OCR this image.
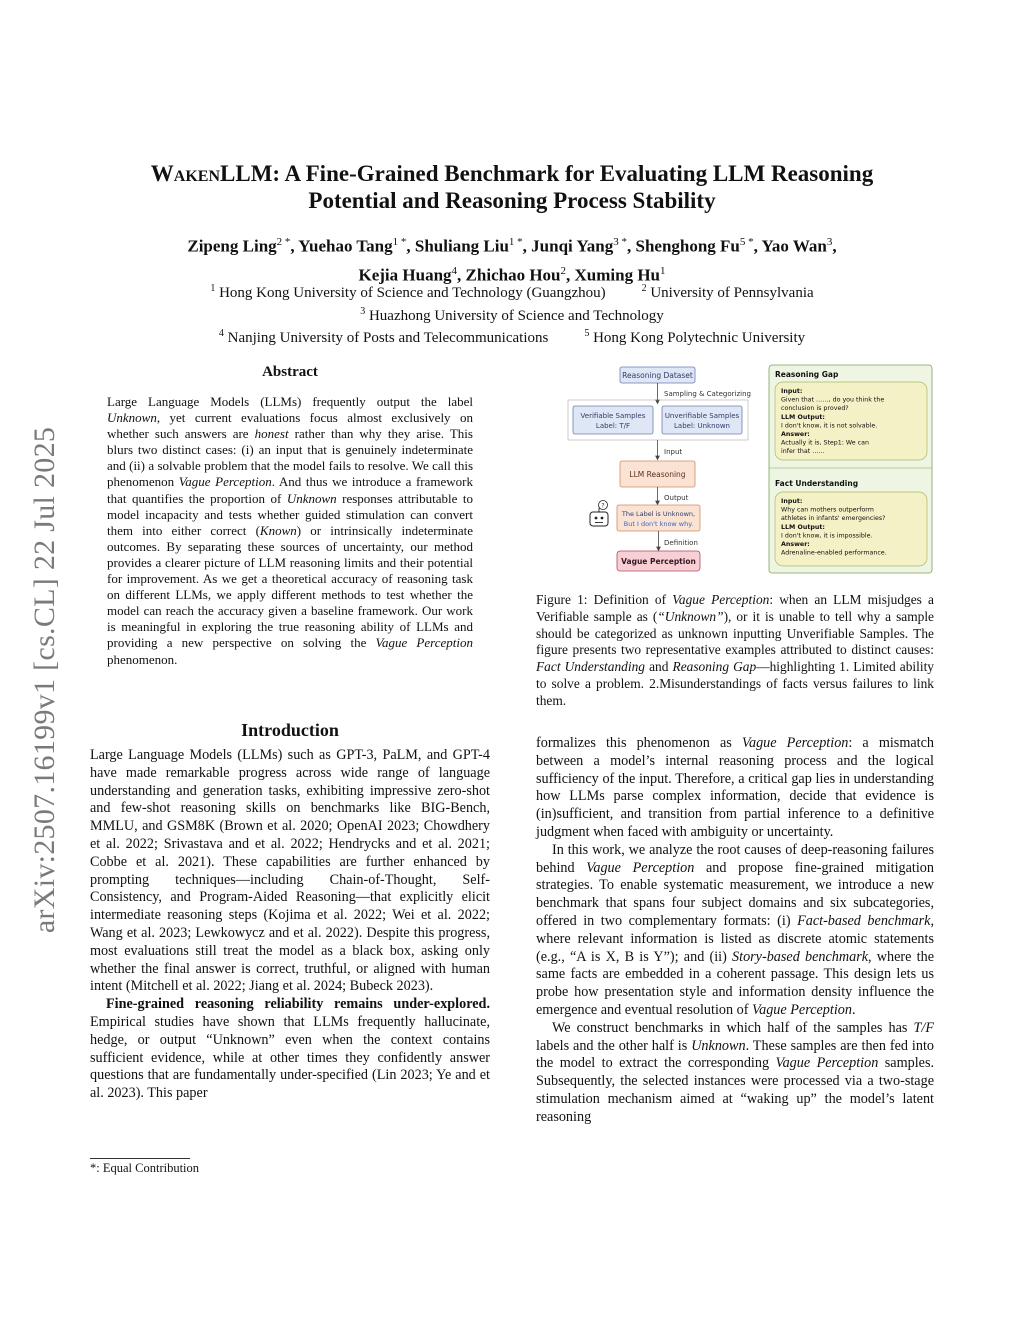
arXiv:2507.16199v1 [cs.CL] 22 Jul 2025
WakenLLM: A Fine-Grained Benchmark for Evaluating LLM Reasoning
Potential and Reasoning Process Stability
Zipeng Ling$^{2 *}$, Yuehao Tang$^{1 *}$, Shuliang Liu$^{1 *}$, Junqi Yang$^{3 *}$, Shenghong $Fu^{5 *}$, Yao Wan$^3$,
Kejia Huang$^4$, Zhichao Hou$^2$, Xuming Hu$^1$
$^1$ Hong Kong University of Science and Technology (Guangzhou)	$^2$ University of Pennsylvania
$^3$ Huazhong University of Science and Technology
$^4$ Nanjing University of Posts and Telecommunications	$^5$ Hong Kong Polytechnic University
Abstract
Large Language Models (LLMs) frequently output the label Unknown, yet current evaluations focus almost exclusively on whether such answers are honest rather than why they arise. This blurs two distinct cases: (i) an input that is genuinely indeterminate and (ii) a solvable problem that the model fails to resolve. We call this phenomenon Vague Perception. And thus we introduce a framework that quantifies the proportion of Unknown responses attributable to model incapacity and tests whether guided stimulation can convert them into either correct (Known) or intrinsically indeterminate outcomes. By separating these sources of uncertainty, our method provides a clearer picture of LLM reasoning limits and their potential for improvement. As we get a theoretical accuracy of reasoning task on different LLMs, we apply different methods to test whether the model can reach the accuracy given a baseline framework. Our work is meaningful in exploring the true reasoning ability of LLMs and providing a new perspective on solving the Vague Perception phenomenon.
Introduction

Large Language Models (LLMs) such as GPT-3, PaLM, and GPT-4 have made remarkable progress across wide range of language understanding and generation tasks, exhibiting impressive zero-shot and few-shot reasoning skills on benchmarks like BIG-Bench, MMLU, and GSM8K (Brown et al. 2020; OpenAI 2023; Chowdhery et al. 2022; Srivastava and et al. 2022; Hendrycks and et al. 2021; Cobbe et al. 2021). These capabilities are further enhanced by prompting techniques—including Chain-of-Thought, Self-Consistency, and Program-Aided Reasoning—that explicitly elicit intermediate reasoning steps (Kojima et al. 2022; Wei et al. 2022; Wang et al. 2023; Lewkowycz and et al. 2022). Despite this progress, most evaluations still treat the model as a black box, asking only whether the final answer is correct, truthful, or aligned with human intent (Mitchell et al. 2022; Jiang et al. 2024; Bubeck 2023).

Fine-grained reasoning reliability remains under-explored. Empirical studies have shown that LLMs frequently hallucinate, hedge, or output “Unknown” even when the context contains sufficient evidence, while at other times they confidently answer questions that are fundamentally under-specified (Lin 2023; Ye and et al. 2023). This paper

*: Equal Contribution
Reasoning Dataset
Sampling & Categorizing
Verifiable Samples
Label: T/F
Unverifiable Samples
Label: Unknown
Input
LLM Reasoning
Output
The Label is Unknown,
But I don't know why.
?
Definition
Vague Perception
Reasoning Gap
Input:
Given that ……, do you think the
conclusion is proved?
LLM Output:
I don't know, it is not solvable.
Answer:
Actually it is, Step1: We can
infer that ……
Fact Understanding
Input:
Why can mothers outperform
athletes in infants' emergencies?
LLM Output:
I don't know, it is impossible.
Answer:
Adrenaline-enabled performance.
Figure 1: Definition of Vague Perception: when an LLM misjudges a Verifiable sample as (“Unknown”), or it is unable to tell why a sample should be categorized as unknown inputting Unverifiable Samples. The figure presents two representative examples attributed to distinct causes: Fact Understanding and Reasoning Gap—highlighting 1. Limited ability to solve a problem. 2.Misunderstandings of facts versus failures to link them.

formalizes this phenomenon as Vague Perception: a mismatch between a model’s internal reasoning process and the logical sufficiency of the input. Therefore, a critical gap lies in understanding how LLMs parse complex information, decide that evidence is (in)sufficient, and transition from partial inference to a definitive judgment when faced with ambiguity or uncertainty.

In this work, we analyze the root causes of deep-reasoning failures behind Vague Perception and propose fine-grained mitigation strategies. To enable systematic measurement, we introduce a new benchmark that spans four subject domains and six subcategories, offered in two complementary formats: (i) Fact-based benchmark, where relevant information is listed as discrete atomic statements (e.g., “A is X, B is Y”); and (ii) Story-based benchmark, where the same facts are embedded in a coherent passage. This design lets us probe how presentation style and information density influence the emergence and eventual resolution of Vague Perception.

We construct benchmarks in which half of the samples has T/F labels and the other half is Unknown. These samples are then fed into the model to extract the corresponding Vague Perception samples. Subsequently, the selected instances were processed via a two-stage stimulation mechanism aimed at “waking up” the model’s latent reasoning
